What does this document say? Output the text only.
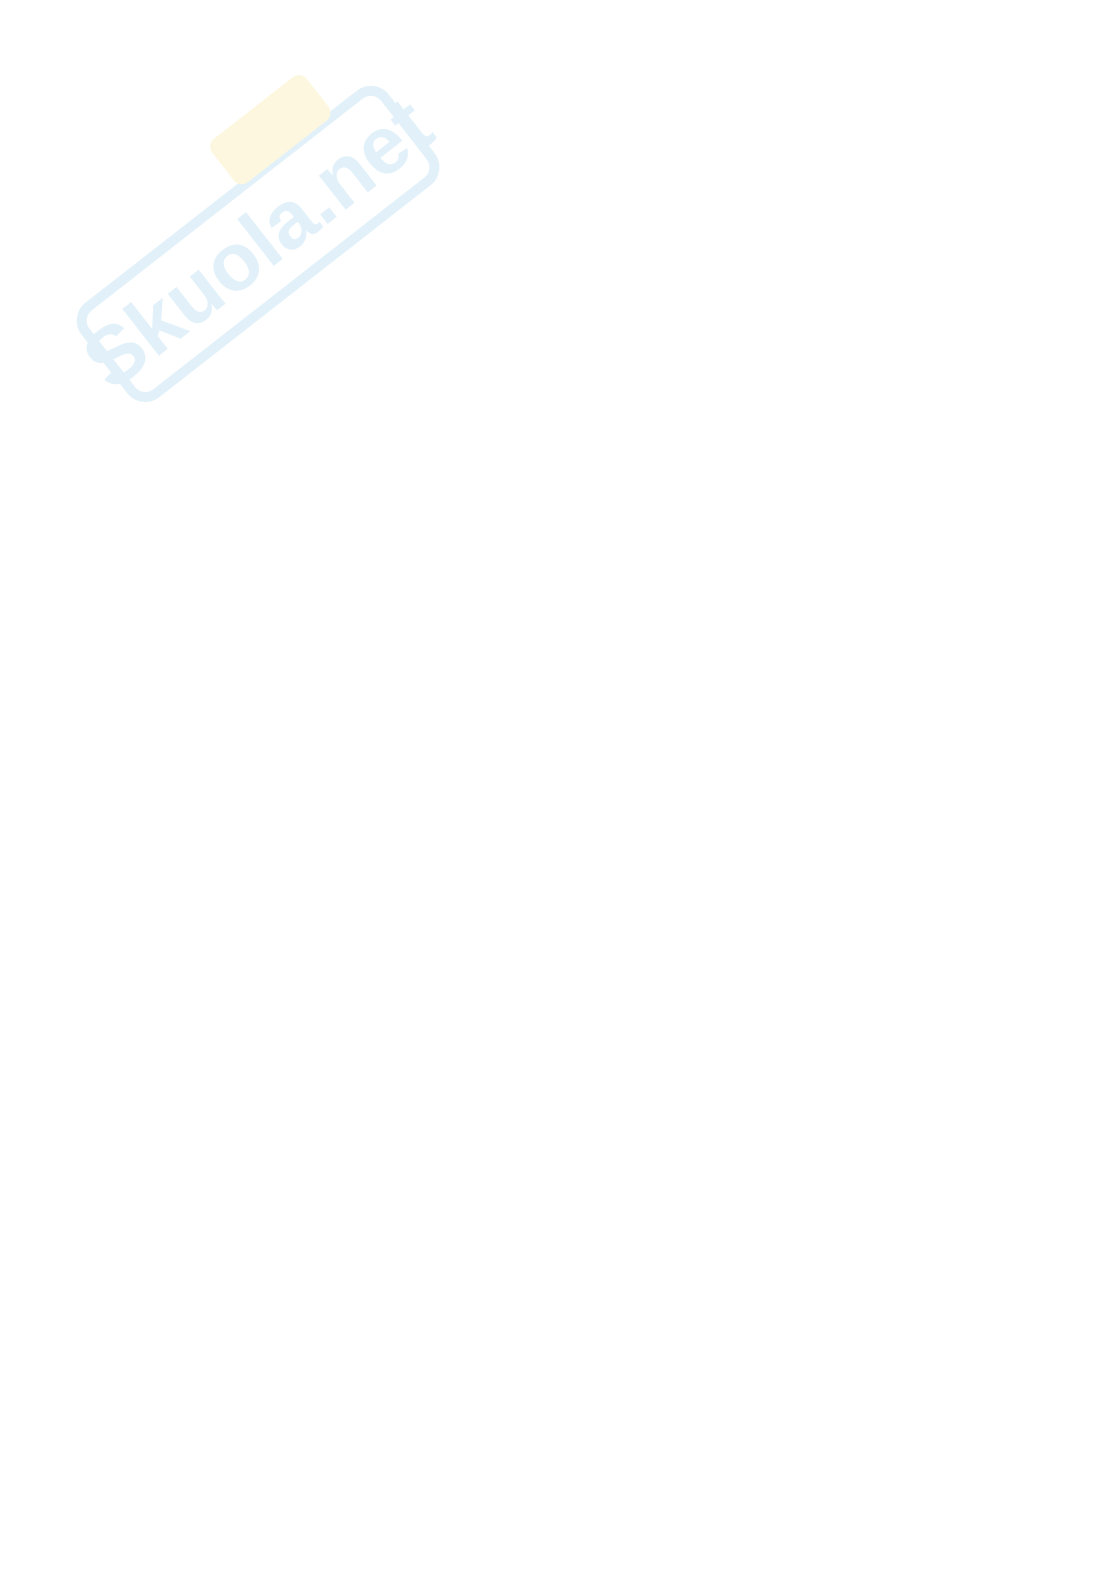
Skuola.net
